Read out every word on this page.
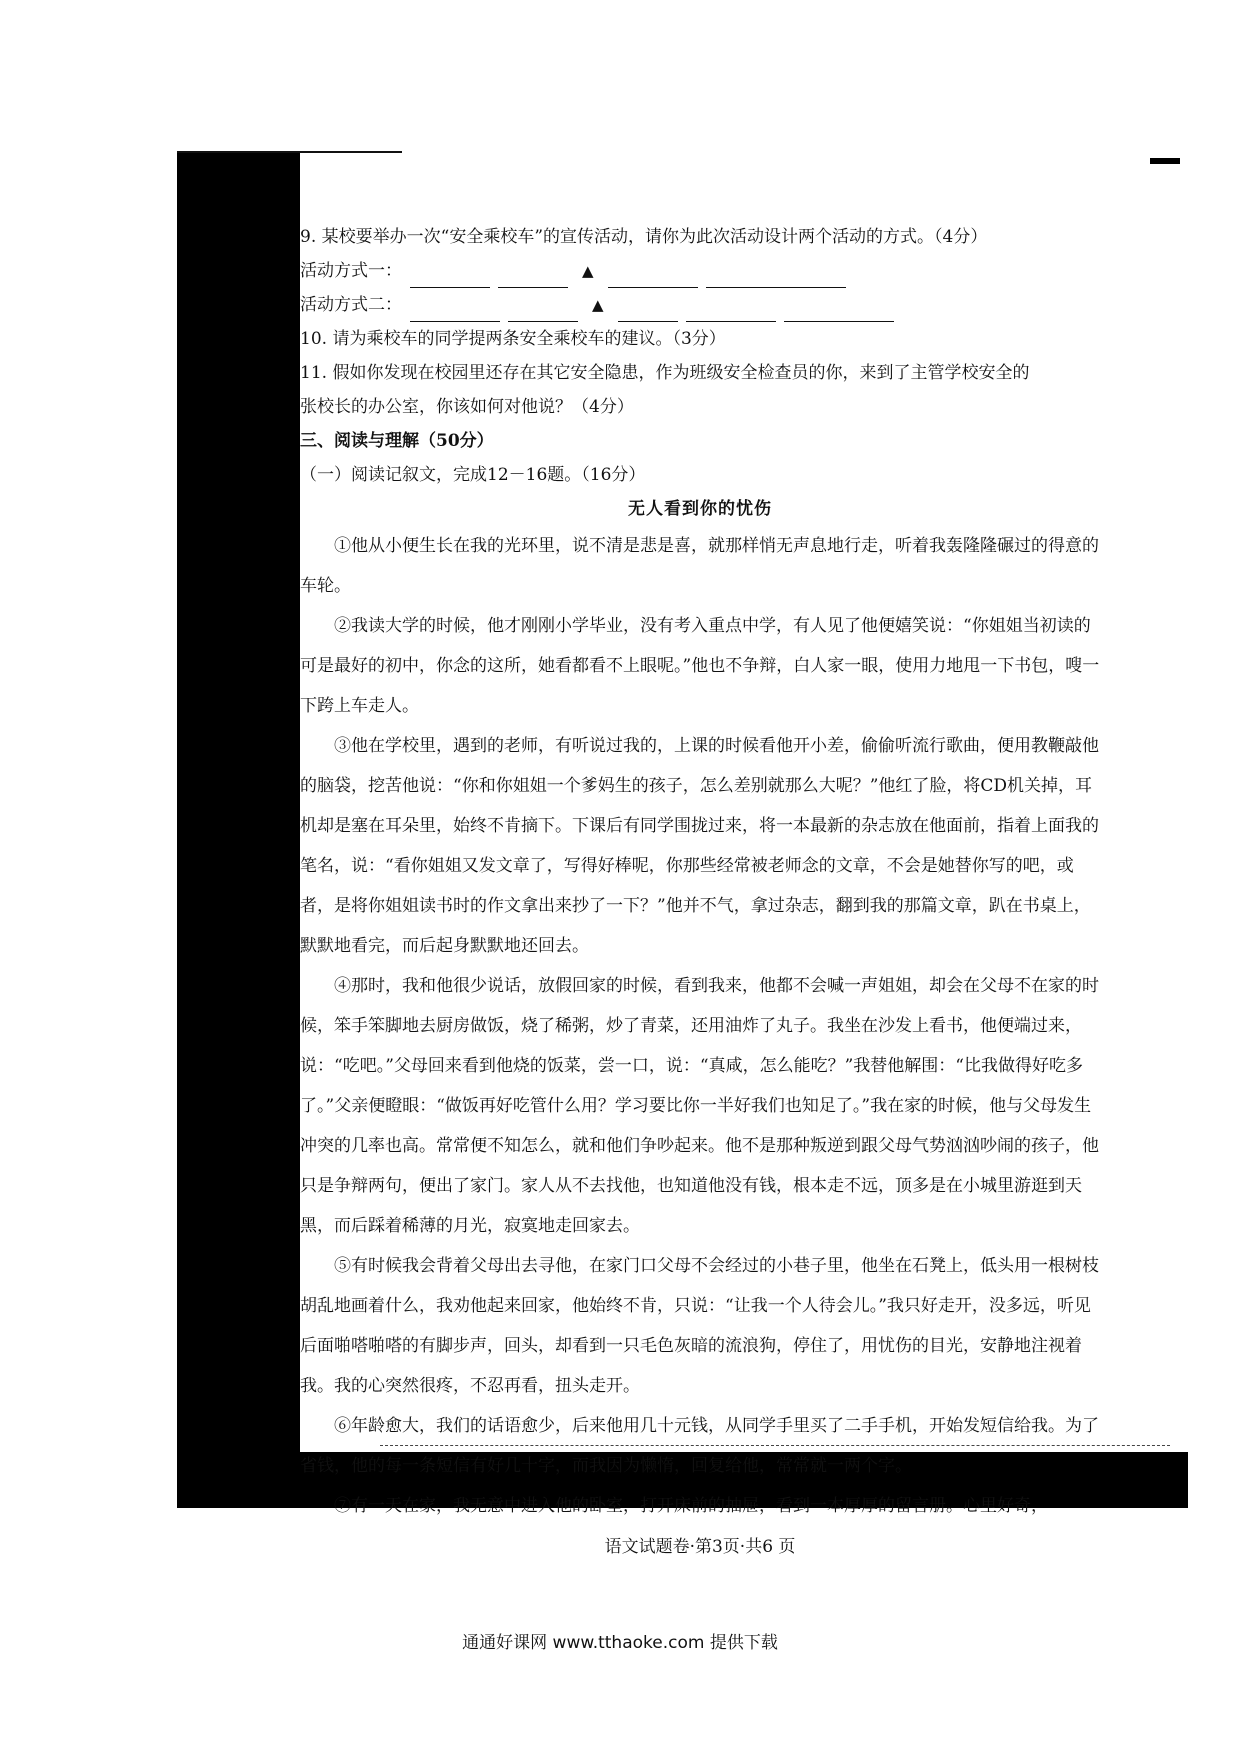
9. 某校要举办一次“安全乘校车”的宣传活动，请你为此次活动设计两个活动的方式。（4分）
活动方式一：	▲
活动方式二：	▲
10. 请为乘校车的同学提两条安全乘校车的建议。（3分）
11. 假如你发现在校园里还存在其它安全隐患，作为班级安全检查员的你，来到了主管学校安全的
张校长的办公室，你该如何对他说？（4分）
三、阅读与理解（50分）
（一）阅读记叙文，完成12－16题。（16分）
无人看到你的忧伤
①他从小便生长在我的光环里，说不清是悲是喜，就那样悄无声息地行走，听着我轰隆隆碾过的得意的车轮。
②我读大学的时候，他才刚刚小学毕业，没有考入重点中学，有人见了他便嬉笑说：“你姐姐当初读的可是最好的初中，你念的这所，她看都看不上眼呢。”他也不争辩，白人家一眼，使用力地甩一下书包，嗖一下跨上车走人。
③他在学校里，遇到的老师，有听说过我的，上课的时候看他开小差，偷偷听流行歌曲，便用教鞭敲他的脑袋，挖苦他说：“你和你姐姐一个爹妈生的孩子，怎么差别就那么大呢？”他红了脸，将CD机关掉，耳机却是塞在耳朵里，始终不肯摘下。下课后有同学围拢过来，将一本最新的杂志放在他面前，指着上面我的笔名，说：“看你姐姐又发文章了，写得好棒呢，你那些经常被老师念的文章，不会是她替你写的吧，或者，是将你姐姐读书时的作文拿出来抄了一下？”他并不气，拿过杂志，翻到我的那篇文章，趴在书桌上，默默地看完，而后起身默默地还回去。
④那时，我和他很少说话，放假回家的时候，看到我来，他都不会喊一声姐姐，却会在父母不在家的时候，笨手笨脚地去厨房做饭，烧了稀粥，炒了青菜，还用油炸了丸子。我坐在沙发上看书，他便端过来，说：“吃吧。”父母回来看到他烧的饭菜，尝一口，说：“真咸，怎么能吃？”我替他解围：“比我做得好吃多了。”父亲便瞪眼：“做饭再好吃管什么用？学习要比你一半好我们也知足了。”我在家的时候，他与父母发生冲突的几率也高。常常便不知怎么，就和他们争吵起来。他不是那种叛逆到跟父母气势汹汹吵闹的孩子，他只是争辩两句，便出了家门。家人从不去找他，也知道他没有钱，根本走不远，顶多是在小城里游逛到天黑，而后踩着稀薄的月光，寂寞地走回家去。
⑤有时候我会背着父母出去寻他，在家门口父母不会经过的小巷子里，他坐在石凳上，低头用一根树枝胡乱地画着什么，我劝他起来回家，他始终不肯，只说：“让我一个人待会儿。”我只好走开，没多远，听见后面啪嗒啪嗒的有脚步声，回头，却看到一只毛色灰暗的流浪狗，停住了，用忧伤的目光，安静地注视着我。我的心突然很疼，不忍再看，扭头走开。
⑥年龄愈大，我们的话语愈少，后来他用几十元钱，从同学手里买了二手手机，开始发短信给我。为了省钱，他的每一条短信有好几十字，而我因为懒惰，回复给他，常常就一两个字。
⑦有一天在家，我无意中进入他的卧室，打开床前的抽屉，看到一本厚厚的留言册。心里好奇，
语文试题卷·第3页·共6 页
通通好课网 www.tthaoke.com 提供下载
